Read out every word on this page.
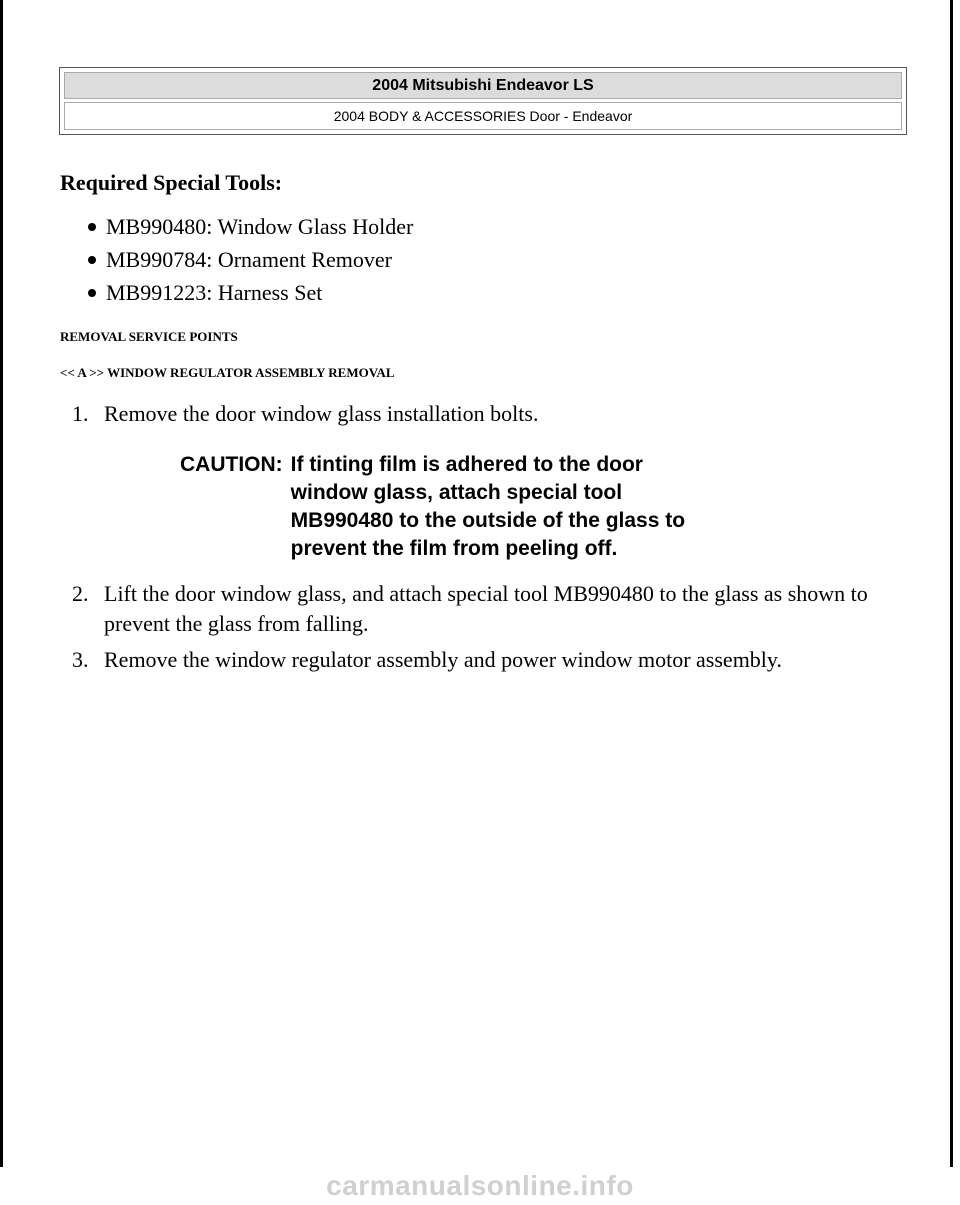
2004 Mitsubishi Endeavor LS
2004 BODY & ACCESSORIES Door - Endeavor
Required Special Tools:
MB990480: Window Glass Holder
MB990784: Ornament Remover
MB991223: Harness Set

REMOVAL SERVICE POINTS

<< A >> WINDOW REGULATOR ASSEMBLY REMOVAL

1. Remove the door window glass installation bolts.
CAUTION: If tinting film is adhered to the door window glass, attach special tool MB990480 to the outside of the glass to prevent the film from peeling off.
2. Lift the door window glass, and attach special tool MB990480 to the glass as shown to prevent the glass from falling.
3. Remove the window regulator assembly and power window motor assembly.
carmanualsonline.info
